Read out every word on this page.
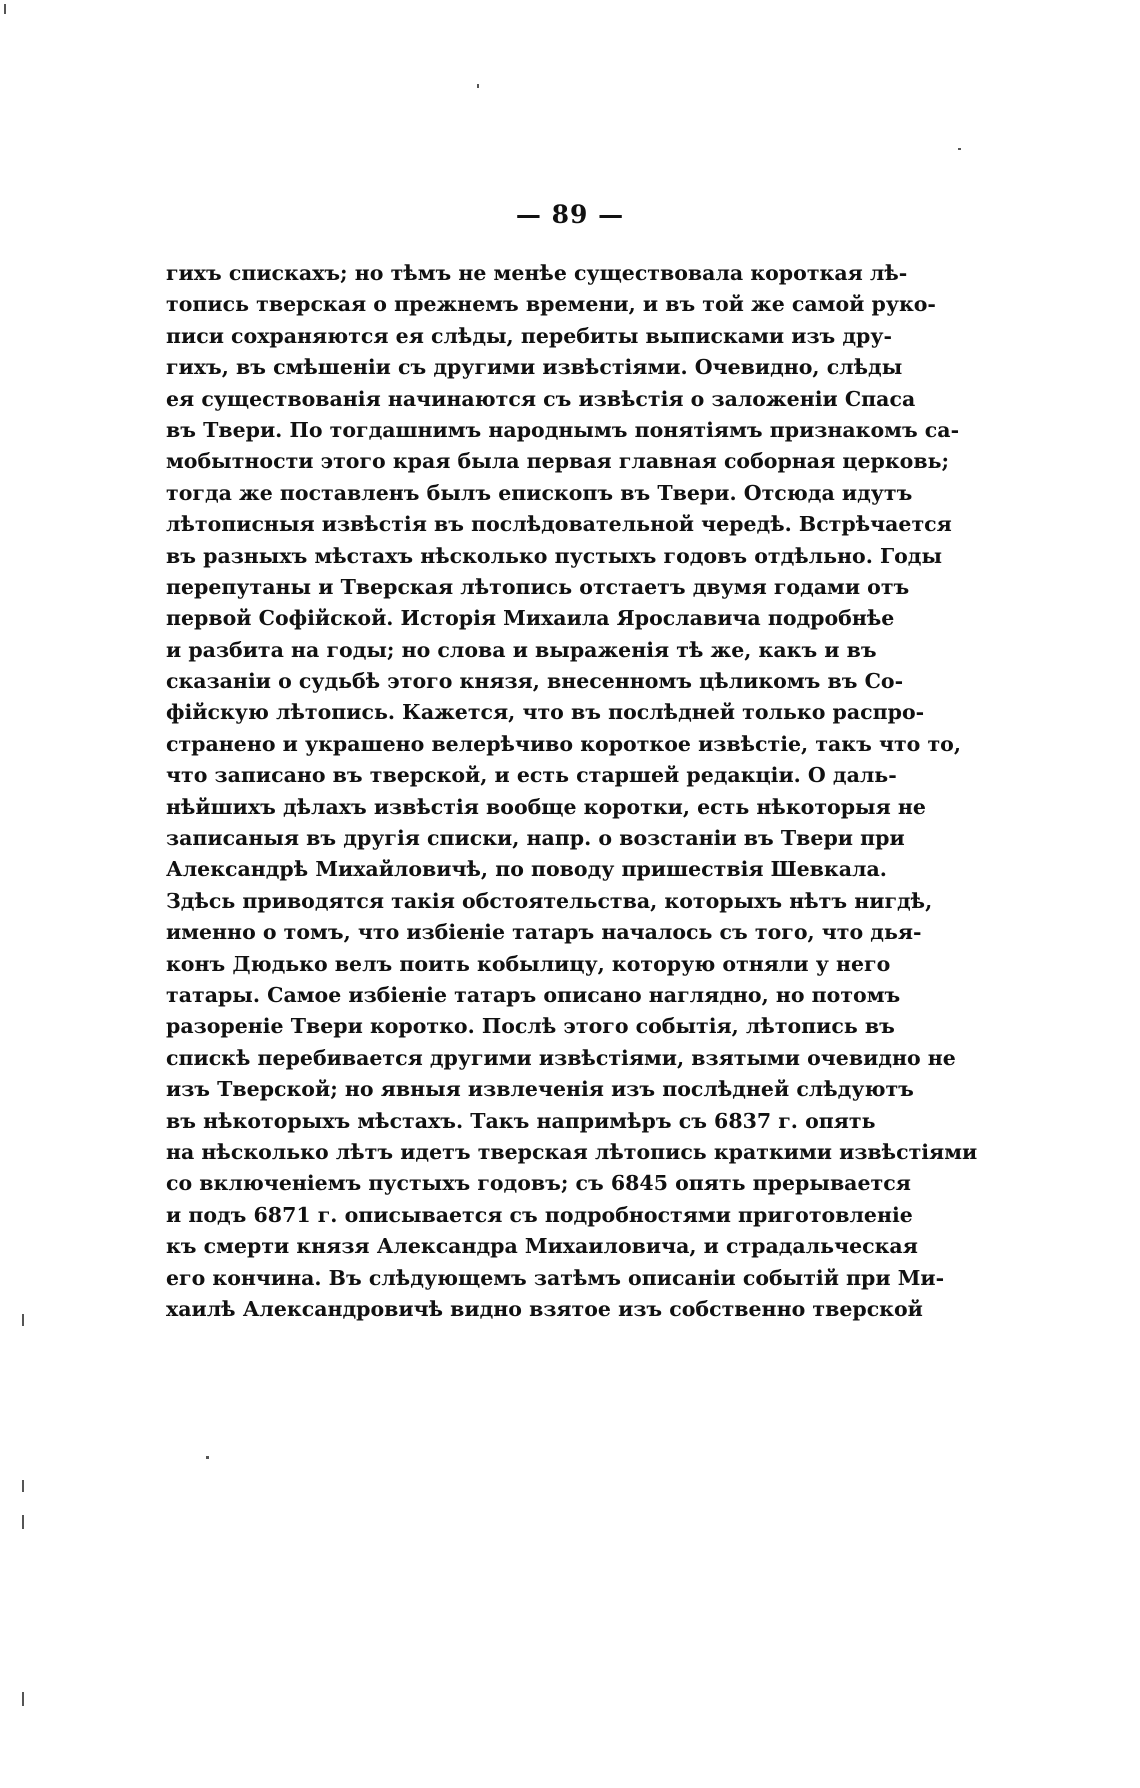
— 89 —
гихъ спискахъ; но тѣмъ не менѣе существовала короткая лѣ-
топись тверская о прежнемъ времени, и въ той же самой руко-
писи сохраняются ея слѣды, перебиты выписками изъ дру-
гихъ, въ смѣшеніи съ другими извѣстіями. Очевидно, слѣды
ея существованія начинаются съ извѣстія о заложеніи Спаса
въ Твери. По тогдашнимъ народнымъ понятіямъ признакомъ са-
мобытности этого края была первая главная соборная церковь;
тогда же поставленъ былъ епископъ въ Твери. Отсюда идутъ
лѣтописныя извѣстія въ послѣдовательной чередѣ. Встрѣчается
въ разныхъ мѣстахъ нѣсколько пустыхъ годовъ отдѣльно. Годы
перепутаны и Тверская лѣтопись отстаетъ двумя годами отъ
первой Софійской. Исторія Михаила Ярославича подробнѣе
и разбита на годы; но слова и выраженія тѣ же, какъ и въ
сказаніи о судьбѣ этого князя, внесенномъ цѣликомъ въ Со-
фійскую лѣтопись. Кажется, что въ послѣдней только распро-
странено и украшено велерѣчиво короткое извѣстіе, такъ что то,
что записано въ тверской, и есть старшей редакціи. О даль-
нѣйшихъ дѣлахъ извѣстія вообще коротки, есть нѣкоторыя не
записаныя въ другія списки, напр. о возстаніи въ Твери при
Александрѣ Михайловичѣ, по поводу пришествія Шевкала.
Здѣсь приводятся такія обстоятельства, которыхъ нѣтъ нигдѣ,
именно о томъ, что избіеніе татаръ началось съ того, что дья-
конъ Дюдько велъ поить кобылицу, которую отняли у него
татары. Самое избіеніе татаръ описано наглядно, но потомъ
разореніе Твери коротко. Послѣ этого событія, лѣтопись въ
спискѣ перебивается другими извѣстіями, взятыми очевидно не
изъ Тверской; но явныя извлеченія изъ послѣдней слѣдуютъ
въ нѣкоторыхъ мѣстахъ. Такъ напримѣръ съ 6837 г. опять
на нѣсколько лѣтъ идетъ тверская лѣтопись краткими извѣстіями
со включеніемъ пустыхъ годовъ; съ 6845 опять прерывается
и подъ 6871 г. описывается съ подробностями приготовленіе
къ смерти князя Александра Михаиловича, и страдальческая
его кончина. Въ слѣдующемъ затѣмъ описаніи событій при Ми-
хаилѣ Александровичѣ видно взятое изъ собственно тверской
